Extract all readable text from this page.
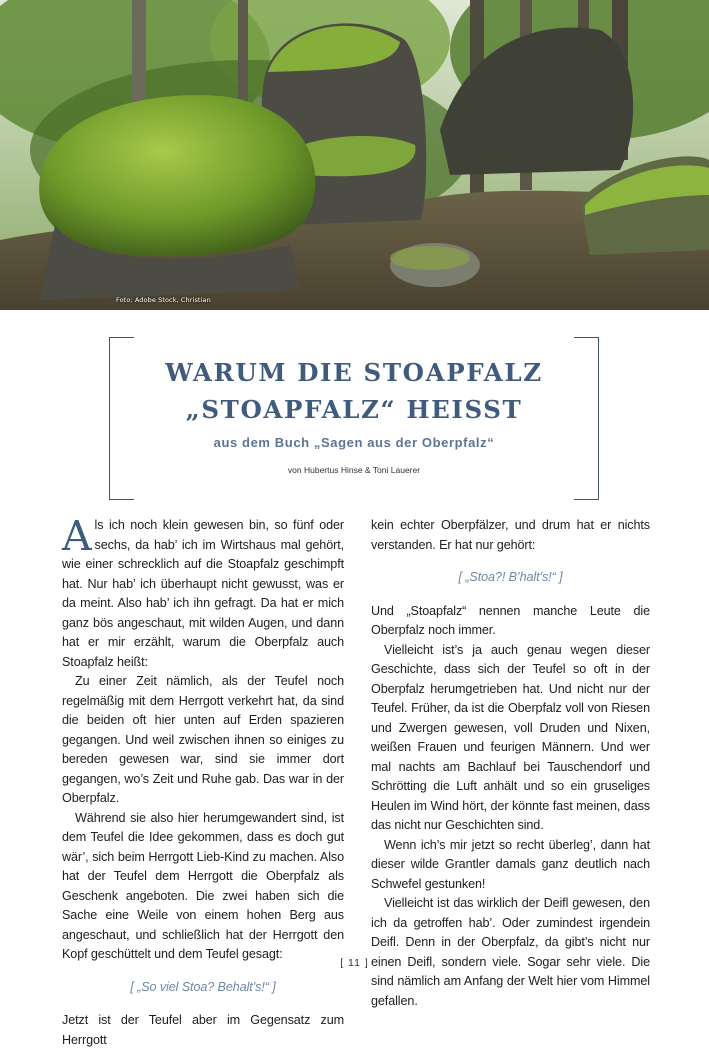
Foto: Adobe Stock, Christian
WARUM DIE STOAPFALZ
„STOAPFALZ“ HEISST
aus dem Buch „Sagen aus der Oberpfalz“
von Hubertus Hinse & Toni Lauerer

Als ich noch klein gewesen bin, so fünf oder sechs, da hab’ ich im Wirtshaus mal gehört, wie einer schrecklich auf die Stoapfalz geschimpft hat. Nur hab’ ich überhaupt nicht gewusst, was er da meint. Also hab’ ich ihn gefragt. Da hat er mich ganz bös angeschaut, mit wilden Augen, und dann hat er mir erzählt, warum die Oberpfalz auch Stoapfalz heißt:

Zu einer Zeit nämlich, als der Teufel noch regelmäßig mit dem Herrgott verkehrt hat, da sind die beiden oft hier unten auf Erden spazieren gegangen. Und weil zwischen ihnen so einiges zu bereden gewesen war, sind sie immer dort gegangen, wo’s Zeit und Ruhe gab. Das war in der Oberpfalz.

Während sie also hier herumgewandert sind, ist dem Teufel die Idee gekommen, dass es doch gut wär’, sich beim Herrgott Lieb-Kind zu machen. Also hat der Teufel dem Herrgott die Oberpfalz als Geschenk angeboten. Die zwei haben sich die Sache eine Weile von einem hohen Berg aus angeschaut, und schließlich hat der Herrgott den Kopf geschüttelt und dem Teufel gesagt:

[ „So viel Stoa? Behalt’s!“ ]

Jetzt ist der Teufel aber im Gegensatz zum Herrgott

kein echter Oberpfälzer, und drum hat er nichts verstanden. Er hat nur gehört:

[ „Stoa?! B’halt’s!“ ]

Und „Stoapfalz“ nennen manche Leute die Oberpfalz noch immer.

Vielleicht ist’s ja auch genau wegen dieser Geschichte, dass sich der Teufel so oft in der Oberpfalz herumgetrieben hat. Und nicht nur der Teufel. Früher, da ist die Oberpfalz voll von Riesen und Zwergen gewesen, voll Druden und Nixen, weißen Frauen und feurigen Männern. Und wer mal nachts am Bachlauf bei Tauschendorf und Schrötting die Luft anhält und so ein gruseliges Heulen im Wind hört, der könnte fast meinen, dass das nicht nur Geschichten sind.

Wenn ich’s mir jetzt so recht überleg’, dann hat dieser wilde Grantler damals ganz deutlich nach Schwefel gestunken!

Vielleicht ist das wirklich der Deifl gewesen, den ich da getroffen hab’. Oder zumindest irgendein Deifl. Denn in der Oberpfalz, da gibt’s nicht nur einen Deifl, sondern viele. Sogar sehr viele. Die sind nämlich am Anfang der Welt hier vom Himmel gefallen.

[ 11 ]
